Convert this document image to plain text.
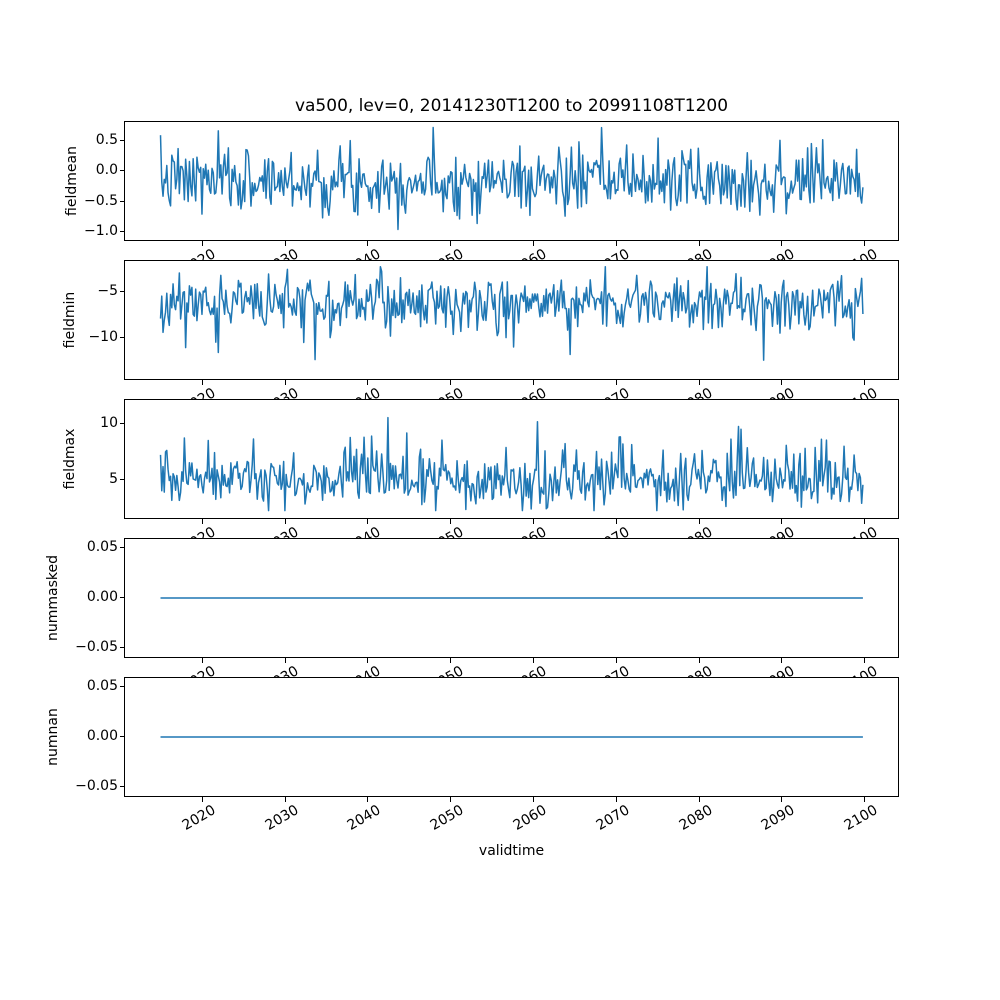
va500, lev=0, 20141230T1200 to 20991108T1200
0.5
0.0
−0.5
−1.0
fieldmean
−5
−10
fieldmin
10
5
fieldmax
0.05
0.00
−0.05
nummasked
0.05
0.00
−0.05
numnan
2020	2030	2040	2050	2060	2070	2080	2090	2100
validtime
